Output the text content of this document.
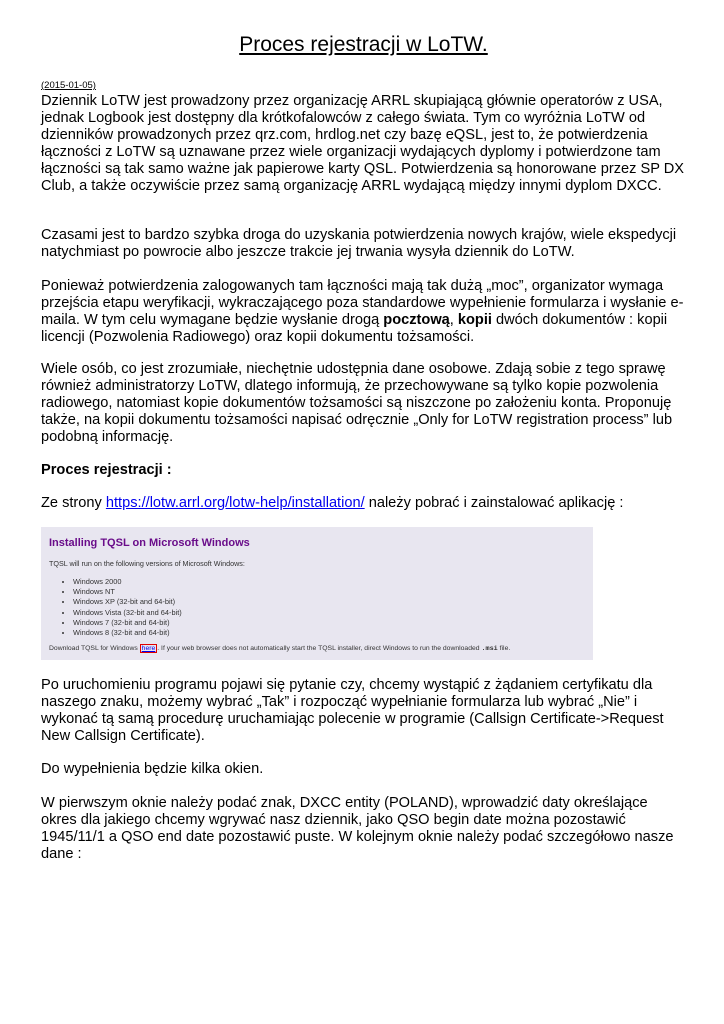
Proces rejestracji w LoTW.

(2015-01-05)

Dziennik LoTW jest prowadzony przez organizację ARRL skupiającą głównie operatorów z USA, jednak Logbook jest dostępny dla krótkofalowców z całego świata. Tym co wyróżnia LoTW od dzienników prowadzonych przez qrz.com, hrdlog.net czy bazę eQSL, jest to, że potwierdzenia łączności z LoTW są uznawane przez wiele organizacji wydających dyplomy i potwierdzone tam łączności są tak samo ważne jak papierowe karty QSL. Potwierdzenia są honorowane przez SP DX Club, a także oczywiście przez samą organizację ARRL wydającą między innymi dyplom DXCC.

Czasami jest to bardzo szybka droga do uzyskania potwierdzenia nowych krajów, wiele ekspedycji natychmiast po powrocie albo jeszcze trakcie jej trwania wysyła dziennik do LoTW.

Ponieważ potwierdzenia zalogowanych tam łączności mają tak dużą „moc”, organizator wymaga przejścia etapu weryfikacji, wykraczającego poza standardowe wypełnienie formularza i wysłanie e-maila. W tym celu wymagane będzie wysłanie drogą pocztową, kopii dwóch dokumentów : kopii licencji (Pozwolenia Radiowego) oraz kopii dokumentu tożsamości.

Wiele osób, co jest zrozumiałe, niechętnie udostępnia dane osobowe. Zdają sobie z tego sprawę również administratorzy LoTW, dlatego informują, że przechowywane są tylko kopie pozwolenia radiowego, natomiast kopie dokumentów tożsamości są niszczone po założeniu konta. Proponuję także, na kopii dokumentu tożsamości napisać odręcznie „Only for LoTW registration process” lub podobną informację.

Proces rejestracji :

Ze strony https://lotw.arrl.org/lotw-help/installation/ należy pobrać i zainstalować aplikację :

Installing TQSL on Microsoft Windows

TQSL will run on the following versions of Microsoft Windows:

• Windows 2000
• Windows NT
• Windows XP (32-bit and 64-bit)
• Windows Vista (32-bit and 64-bit)
• Windows 7 (32-bit and 64-bit)
• Windows 8 (32-bit and 64-bit)

Download TQSL for Windows here . If your web browser does not automatically start the TQSL installer, direct Windows to run the downloaded .msi file.

Po uruchomieniu programu pojawi się pytanie czy, chcemy wystąpić z żądaniem certyfikatu dla naszego znaku, możemy wybrać „Tak” i rozpocząć wypełnianie formularza lub wybrać „Nie” i wykonać tą samą procedurę uruchamiając polecenie w programie (Callsign Certificate->Request New Callsign Certificate).

Do wypełnienia będzie kilka okien.

W pierwszym oknie należy podać znak, DXCC entity (POLAND), wprowadzić daty określające okres dla jakiego chcemy wgrywać nasz dziennik, jako QSO begin date można pozostawić 1945/11/1 a QSO end date pozostawić puste. W kolejnym oknie należy podać szczegółowo nasze dane :
